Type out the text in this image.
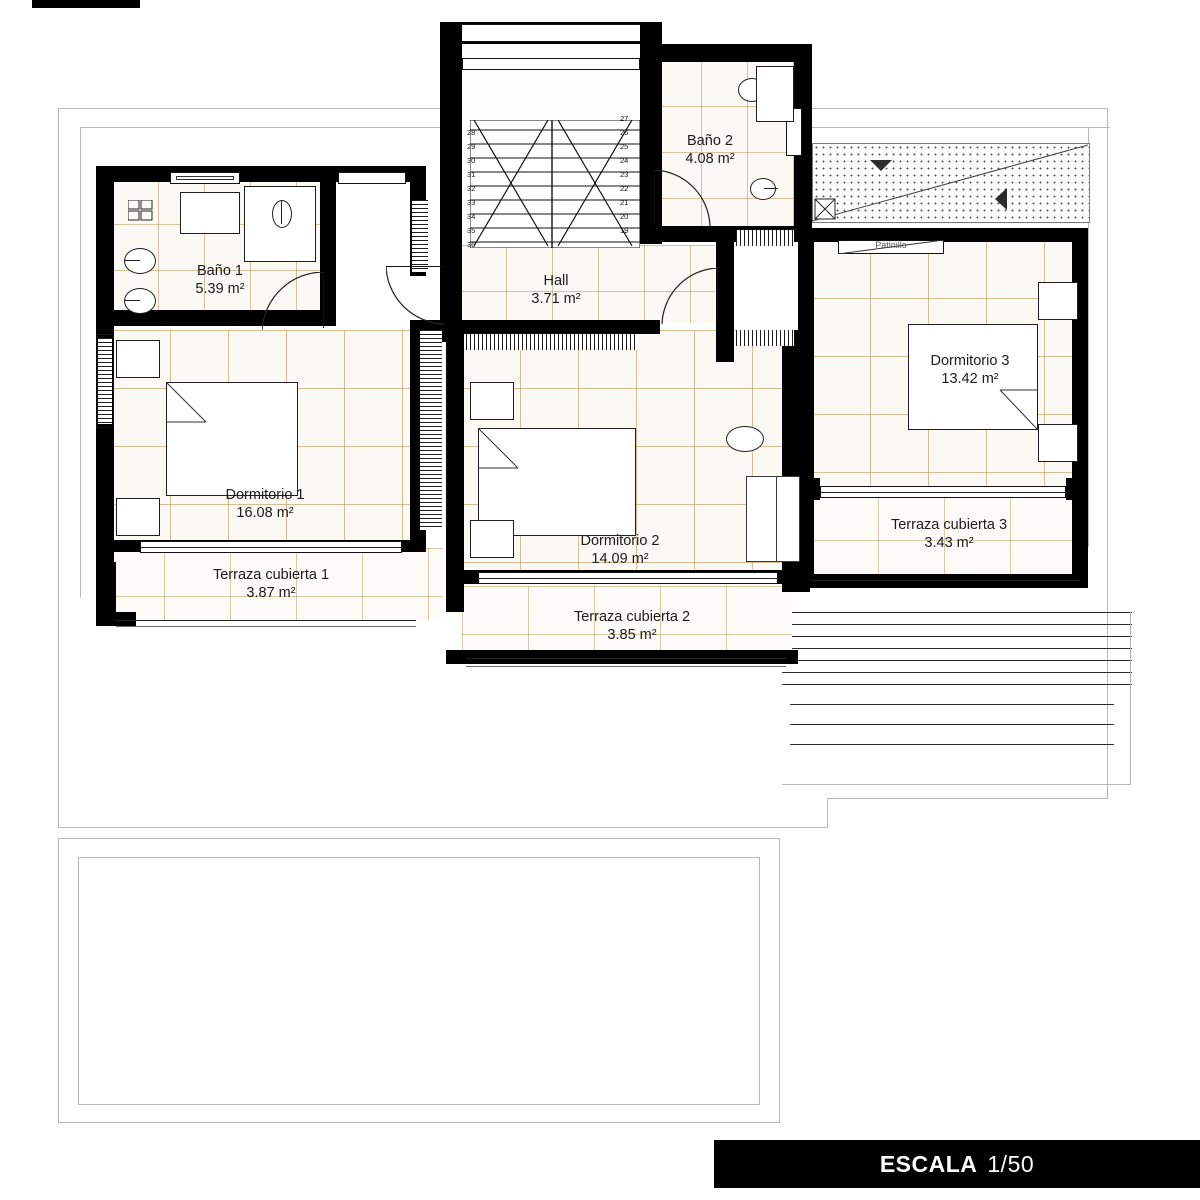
28
29
30
31
32
33
34
35
36
27
26
25
24
23
22
21
20
19
Baño 1
5.39 m²
Baño 2
4.08 m²
Hall
3.71 m²
Dormitorio 1
16.08 m²
Dormitorio 2
14.09 m²
Dormitorio 3
13.42 m²
Terraza cubierta 1
3.87 m²
Terraza cubierta 2
3.85 m²
Terraza cubierta 3
3.43 m²
Patinillo
ESCALA 1/50
